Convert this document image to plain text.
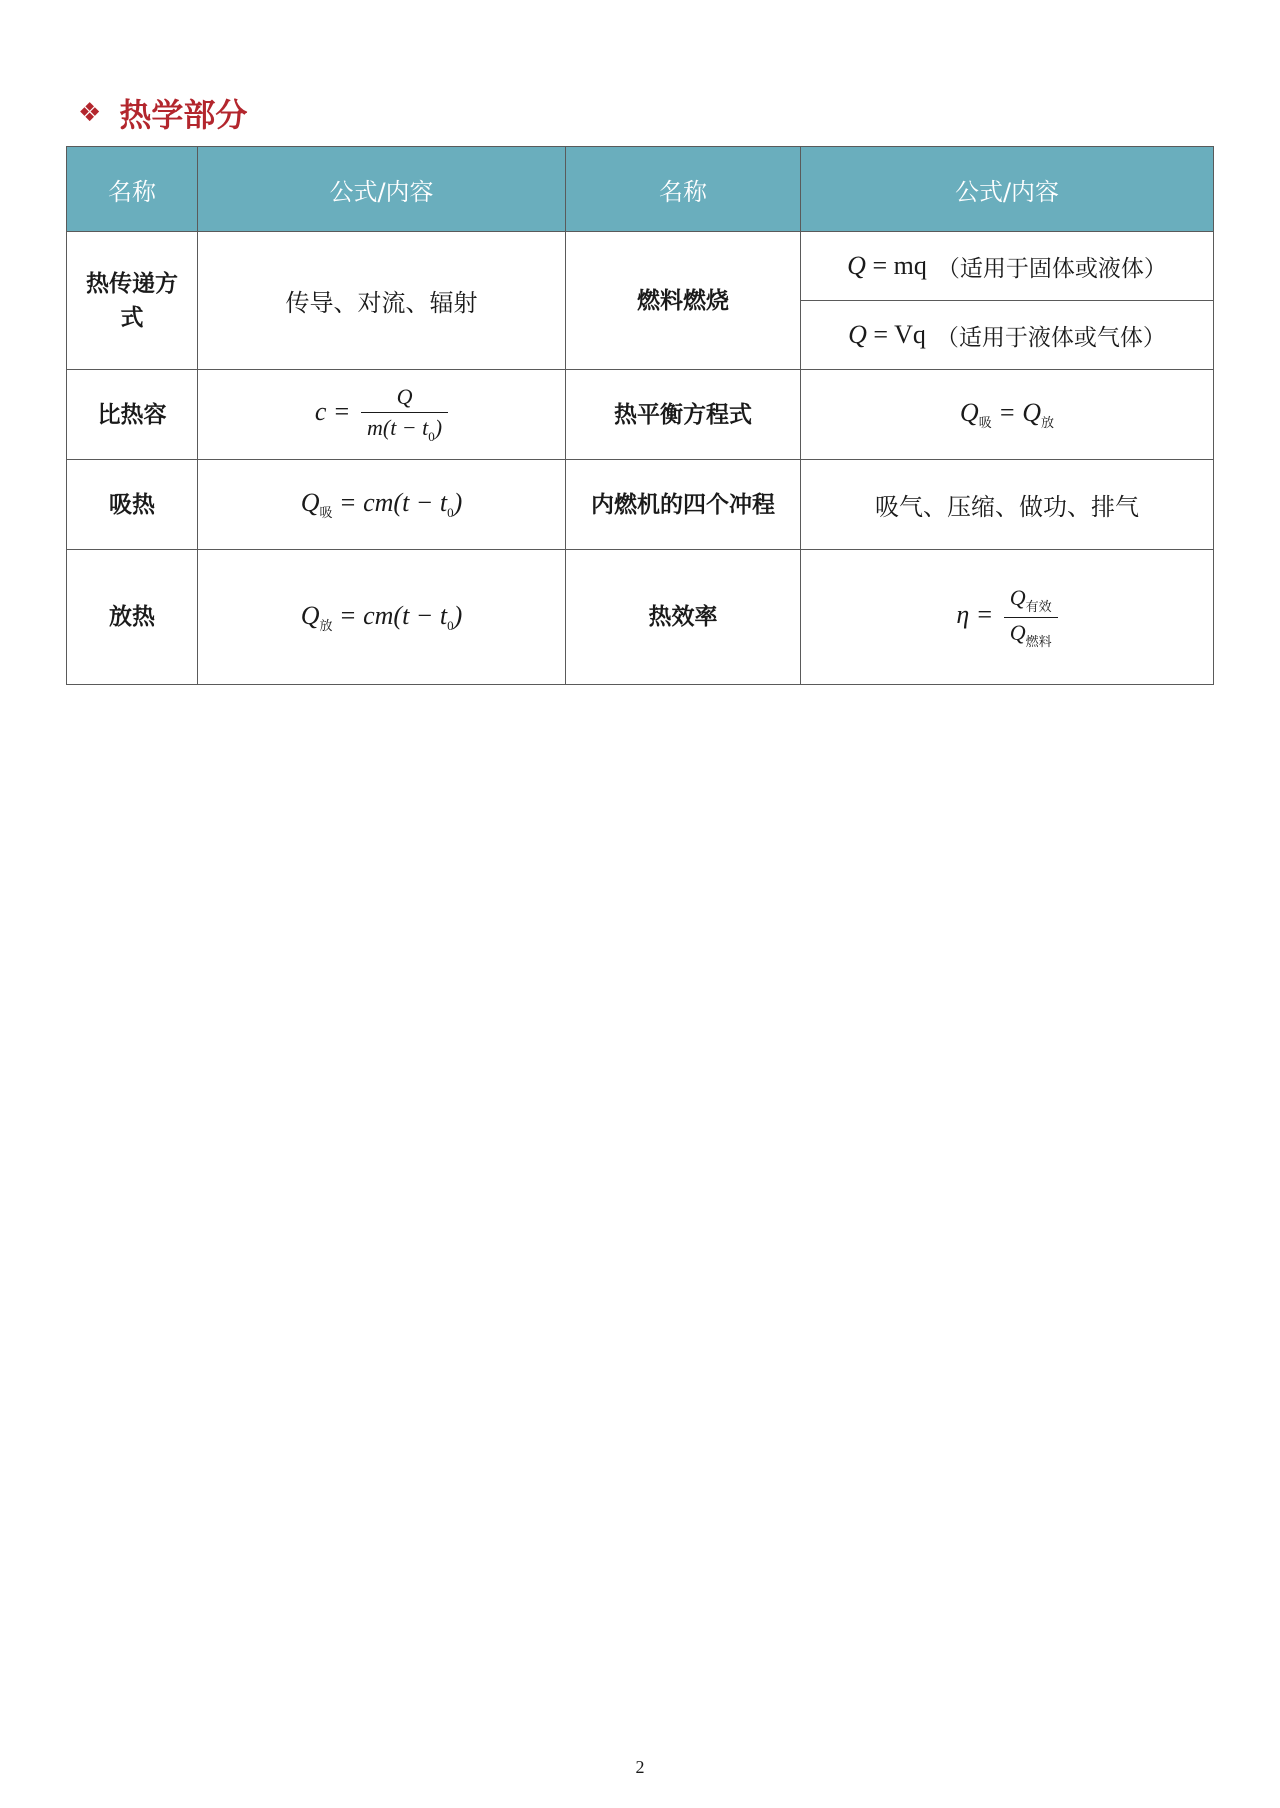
❖ 热学部分
名称	公式/内容	名称	公式/内容

热传递方式	传导、对流、辐射	燃料燃烧	Q = mq （适用于固体或液体）
Q = Vq （适用于液体或气体）

比热容	$c = \frac{Q}{m(t - t_0)}$	热平衡方程式	$Q_吸 = Q_放$
吸热	$Q_吸 = cm(t - t_0)$	内燃机的四个冲程	吸气、压缩、做功、排气
放热	$Q_放 = cm(t - t_0)$	热效率	$\eta = \frac{Q_{有效}}{Q_{燃料}}$
2
